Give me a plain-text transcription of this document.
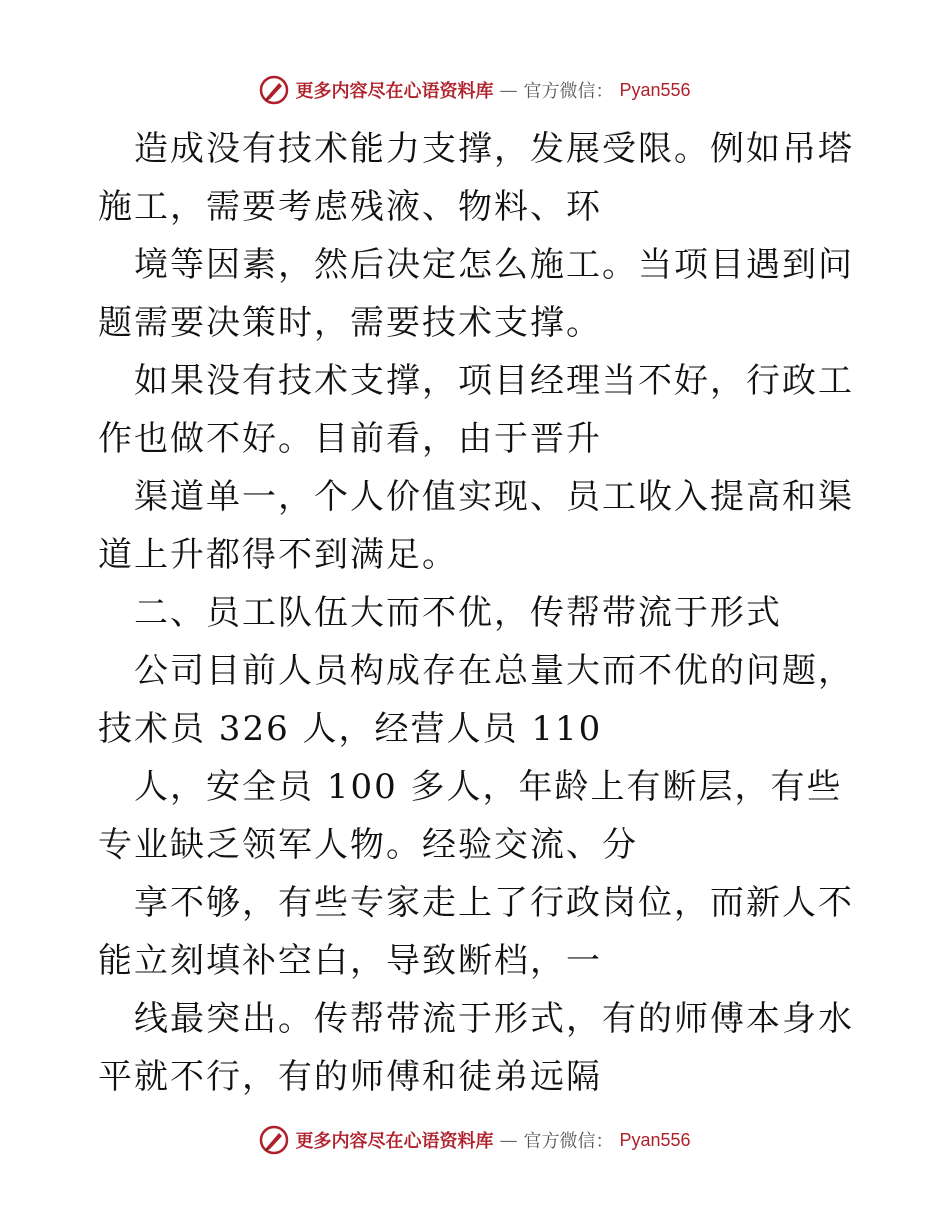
更多内容尽在心语资料库 — 官方微信： Pyan556

造成没有技术能力支撑，发展受限。例如吊塔施工，需要考虑残液、物料、环

境等因素，然后决定怎么施工。当项目遇到问题需要决策时，需要技术支撑。

如果没有技术支撑，项目经理当不好，行政工作也做不好。目前看，由于晋升

渠道单一，个人价值实现、员工收入提高和渠道上升都得不到满足。

二、员工队伍大而不优，传帮带流于形式

公司目前人员构成存在总量大而不优的问题，技术员 326 人，经营人员 110

人，安全员 100 多人，年龄上有断层，有些专业缺乏领军人物。经验交流、分

享不够，有些专家走上了行政岗位，而新人不能立刻填补空白，导致断档，一

线最突出。传帮带流于形式，有的师傅本身水平就不行，有的师傅和徒弟远隔

更多内容尽在心语资料库 — 官方微信： Pyan556
